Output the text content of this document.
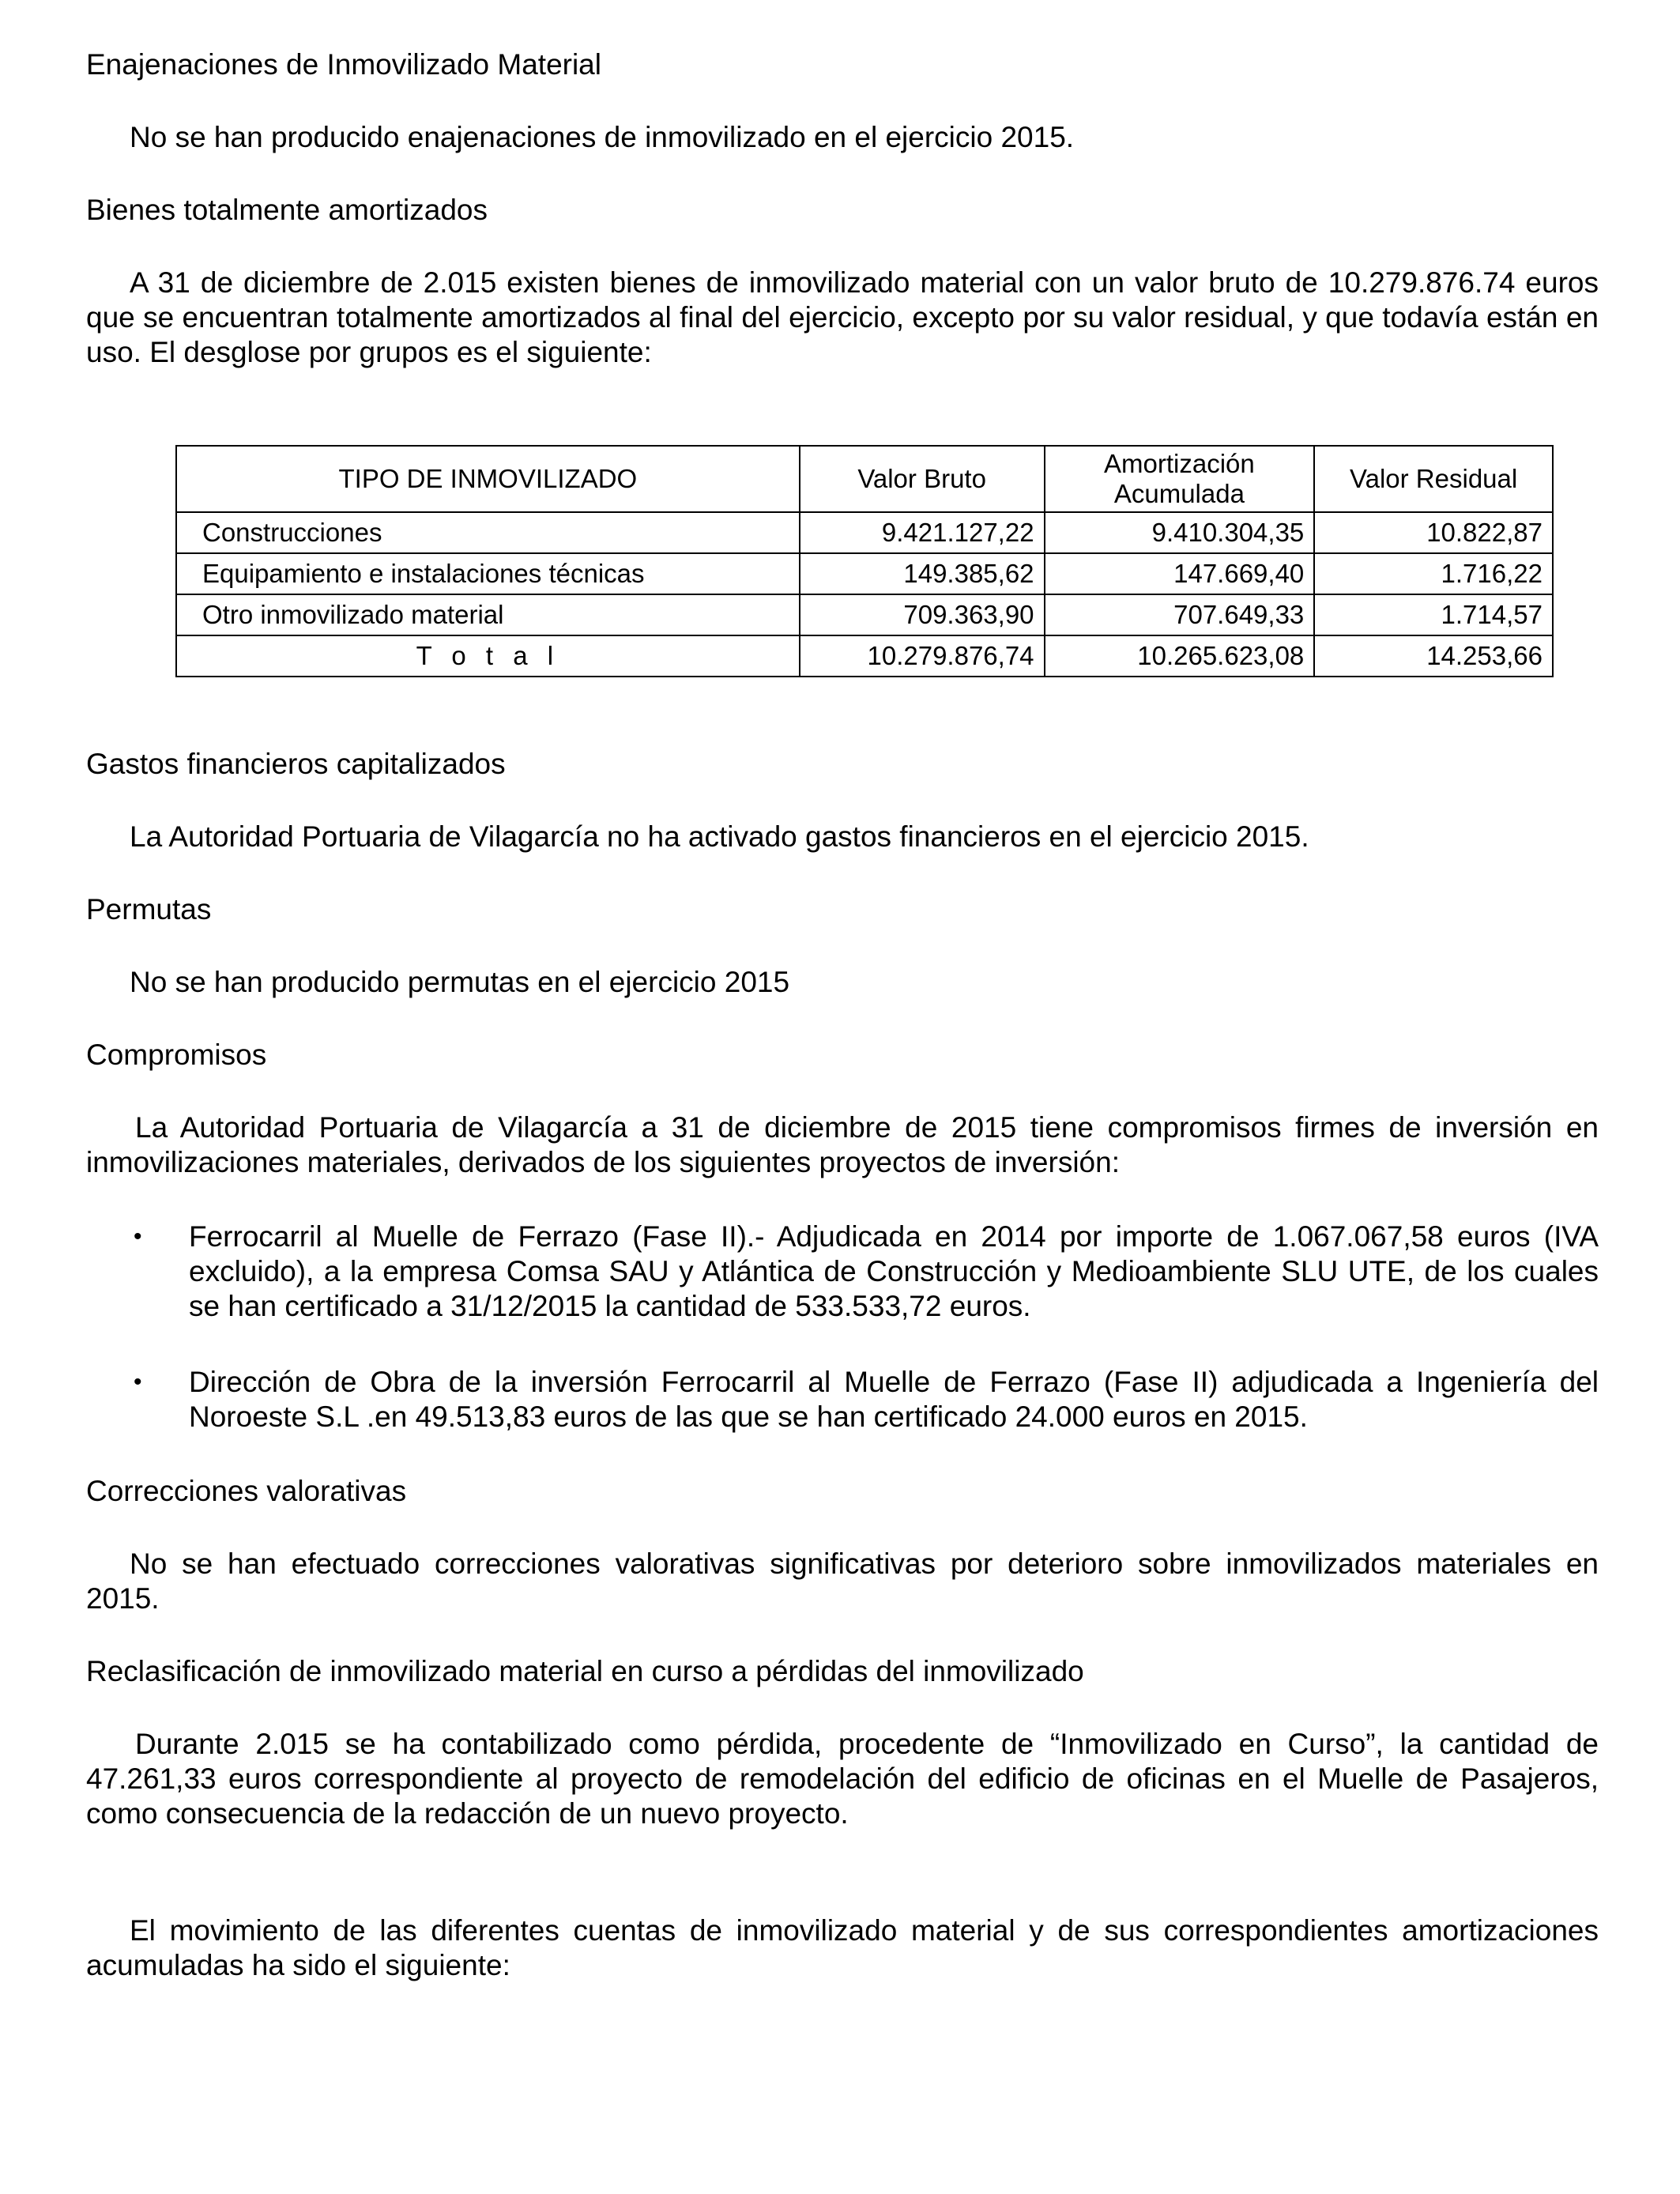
Enajenaciones de Inmovilizado Material

No se han producido enajenaciones de inmovilizado en el ejercicio 2015.

Bienes totalmente amortizados

A 31 de diciembre de 2.015 existen bienes de inmovilizado material con un valor bruto de 10.279.876.74 euros que se encuentran totalmente amortizados al final del ejercicio, excepto por su valor residual, y que todavía están en uso. El desglose por grupos es el siguiente:

TIPO DE INMOVILIZADO	Valor Bruto	Amortización Acumulada	Valor Residual
Construcciones	9.421.127,22	9.410.304,35	10.822,87
Equipamiento e instalaciones técnicas	149.385,62	147.669,40	1.716,22
Otro inmovilizado material	709.363,90	707.649,33	1.714,57
T o t a l	10.279.876,74	10.265.623,08	14.253,66

Gastos financieros capitalizados

La Autoridad Portuaria de Vilagarcía no ha activado gastos financieros en el ejercicio 2015.

Permutas

No se han producido permutas en el ejercicio 2015

Compromisos

La Autoridad Portuaria de Vilagarcía a 31 de diciembre de 2015 tiene compromisos firmes de inversión en inmovilizaciones materiales, derivados de los siguientes proyectos de inversión:

• Ferrocarril al Muelle de Ferrazo (Fase II).- Adjudicada en 2014 por importe de 1.067.067,58 euros (IVA excluido), a la empresa Comsa SAU y Atlántica de Construcción y Medioambiente SLU UTE, de los cuales se han certificado a 31/12/2015 la cantidad de 533.533,72 euros.
• Dirección de Obra de la inversión Ferrocarril al Muelle de Ferrazo (Fase II) adjudicada a Ingeniería del Noroeste S.L .en 49.513,83 euros de las que se han certificado 24.000 euros en 2015.

Correcciones valorativas

No se han efectuado correcciones valorativas significativas por deterioro sobre inmovilizados materiales en 2015.

Reclasificación de inmovilizado material en curso a pérdidas del inmovilizado

Durante 2.015 se ha contabilizado como pérdida, procedente de “Inmovilizado en Curso”, la cantidad de 47.261,33 euros correspondiente al proyecto de remodelación del edificio de oficinas en el Muelle de Pasajeros, como consecuencia de la redacción de un nuevo proyecto.

El movimiento de las diferentes cuentas de inmovilizado material y de sus correspondientes amortizaciones acumuladas ha sido el siguiente:
